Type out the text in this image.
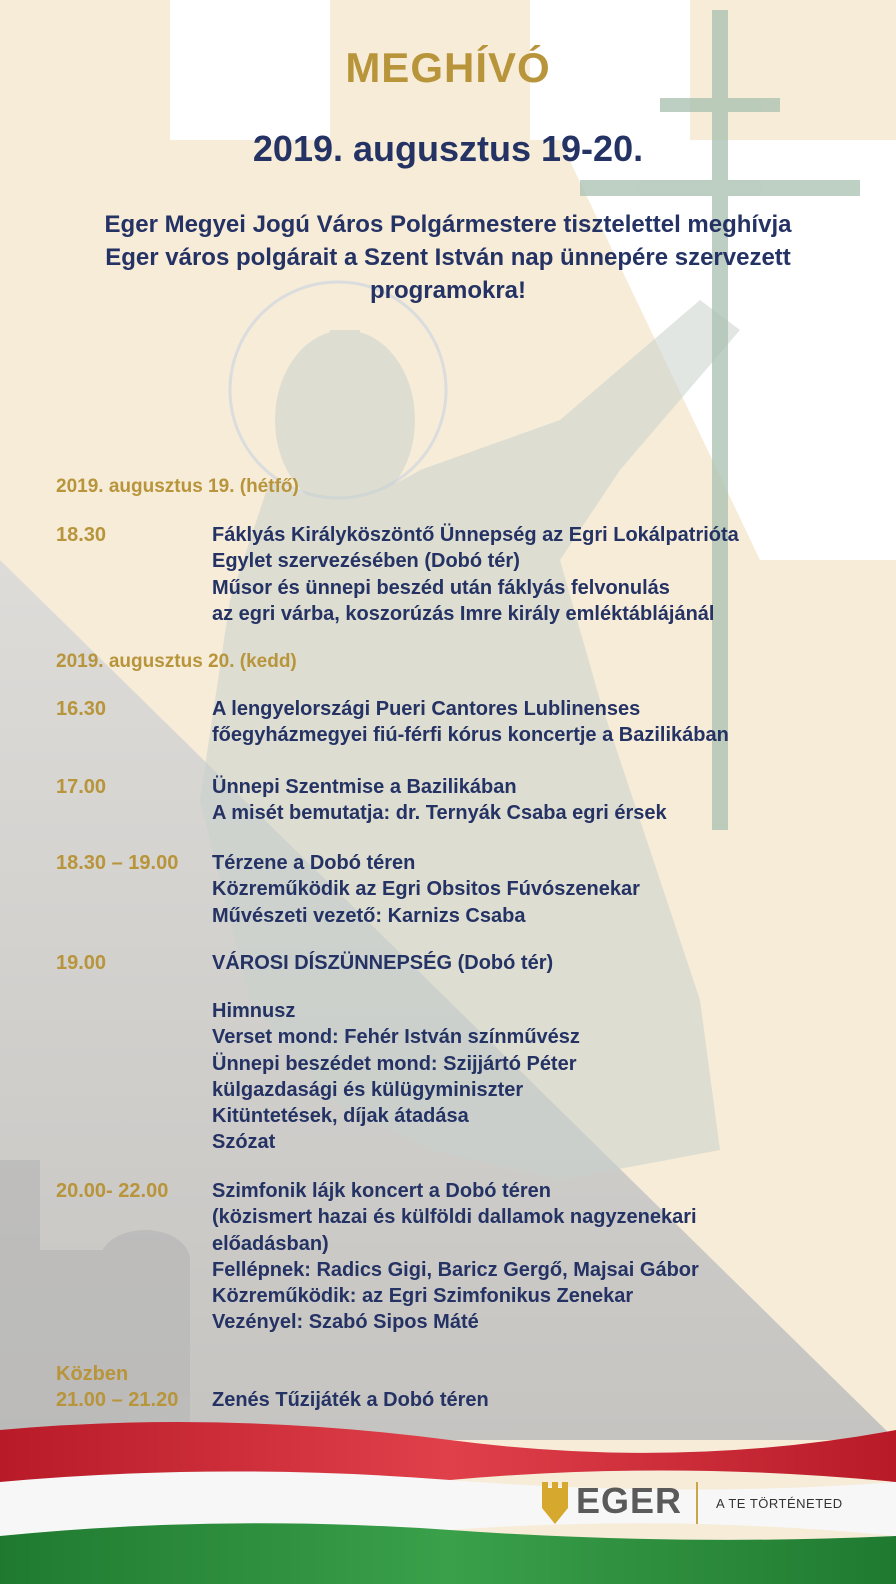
MEGHÍVÓ
2019. augusztus 19-20.
Eger Megyei Jogú Város Polgármestere tisztelettel meghívja
Eger város polgárait a Szent István nap ünnepére szervezett
programokra!
2019. augusztus 19. (hétfő)
18.30	Fáklyás Királyköszöntő Ünnepség az Egri Lokálpatrióta
Egylet szervezésében (Dobó tér)
Műsor és ünnepi beszéd után fáklyás felvonulás
az egri várba, koszorúzás Imre király emléktáblájánál
2019. augusztus 20. (kedd)
16.30	A lengyelországi Pueri Cantores Lublinenses
főegyházmegyei fiú-férfi kórus koncertje a Bazilikában
17.00	Ünnepi Szentmise a Bazilikában
A misét bemutatja: dr. Ternyák Csaba egri érsek
18.30 – 19.00 Térzene a Dobó téren
Közreműködik az Egri Obsitos Fúvószenekar
Művészeti vezető: Karnizs Csaba
19.00	VÁROSI DÍSZÜNNEPSÉG (Dobó tér)
Himnusz
Verset mond: Fehér István színművész
Ünnepi beszédet mond: Szijjártó Péter
külgazdasági és külügyminiszter
Kitüntetések, díjak átadása
Szózat
20.00- 22.00 Szimfonik lájk koncert a Dobó téren
(közismert hazai és külföldi dallamok nagyzenekari
előadásban)
Fellépnek: Radics Gigi, Baricz Gergő, Majsai Gábor
Közreműködik: az Egri Szimfonikus Zenekar
Vezényel: Szabó Sipos Máté
Közben
21.00 – 21.20 Zenés Tűzijáték a Dobó téren
EGER	A TE TÖRTÉNETED
